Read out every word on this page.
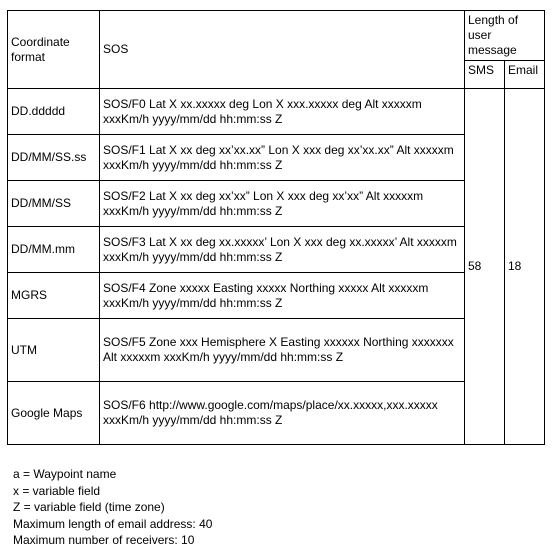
Coordinate format	SOS	Length of user message	
		SMS	Email
DD.ddddd	SOS/F0 Lat X xx.xxxxx deg Lon X xxx.xxxxx deg Alt xxxxxm xxxKm/h yyyy/mm/dd hh:mm:ss Z	58	18
DD/MM/SS.ss	SOS/F1 Lat X xx deg xx’xx.xx” Lon X xxx deg xx’xx.xx” Alt xxxxxm xxxKm/h yyyy/mm/dd hh:mm:ss Z		
DD/MM/SS	SOS/F2 Lat X xx deg xx’xx” Lon X xxx deg xx’xx” Alt xxxxxm xxxKm/h yyyy/mm/dd hh:mm:ss Z		
DD/MM.mm	SOS/F3 Lat X xx deg xx.xxxxx’ Lon X xxx deg xx.xxxxx’ Alt xxxxxm xxxKm/h yyyy/mm/dd hh:mm:ss Z		
MGRS	SOS/F4 Zone xxxxx Easting xxxxx Northing xxxxx Alt xxxxxm xxxKm/h yyyy/mm/dd hh:mm:ss Z		
UTM	SOS/F5 Zone xxx Hemisphere X Easting xxxxxx Northing xxxxxxx Alt xxxxxm xxxKm/h yyyy/mm/dd hh:mm:ss Z		
Google Maps	SOS/F6 http://www.google.com/maps/place/xx.xxxxx,xxx.xxxxx xxxKm/h yyyy/mm/dd hh:mm:ss Z		
a = Waypoint name
x = variable field
Z = variable field (time zone)
Maximum length of email address: 40
Maximum number of receivers: 10
